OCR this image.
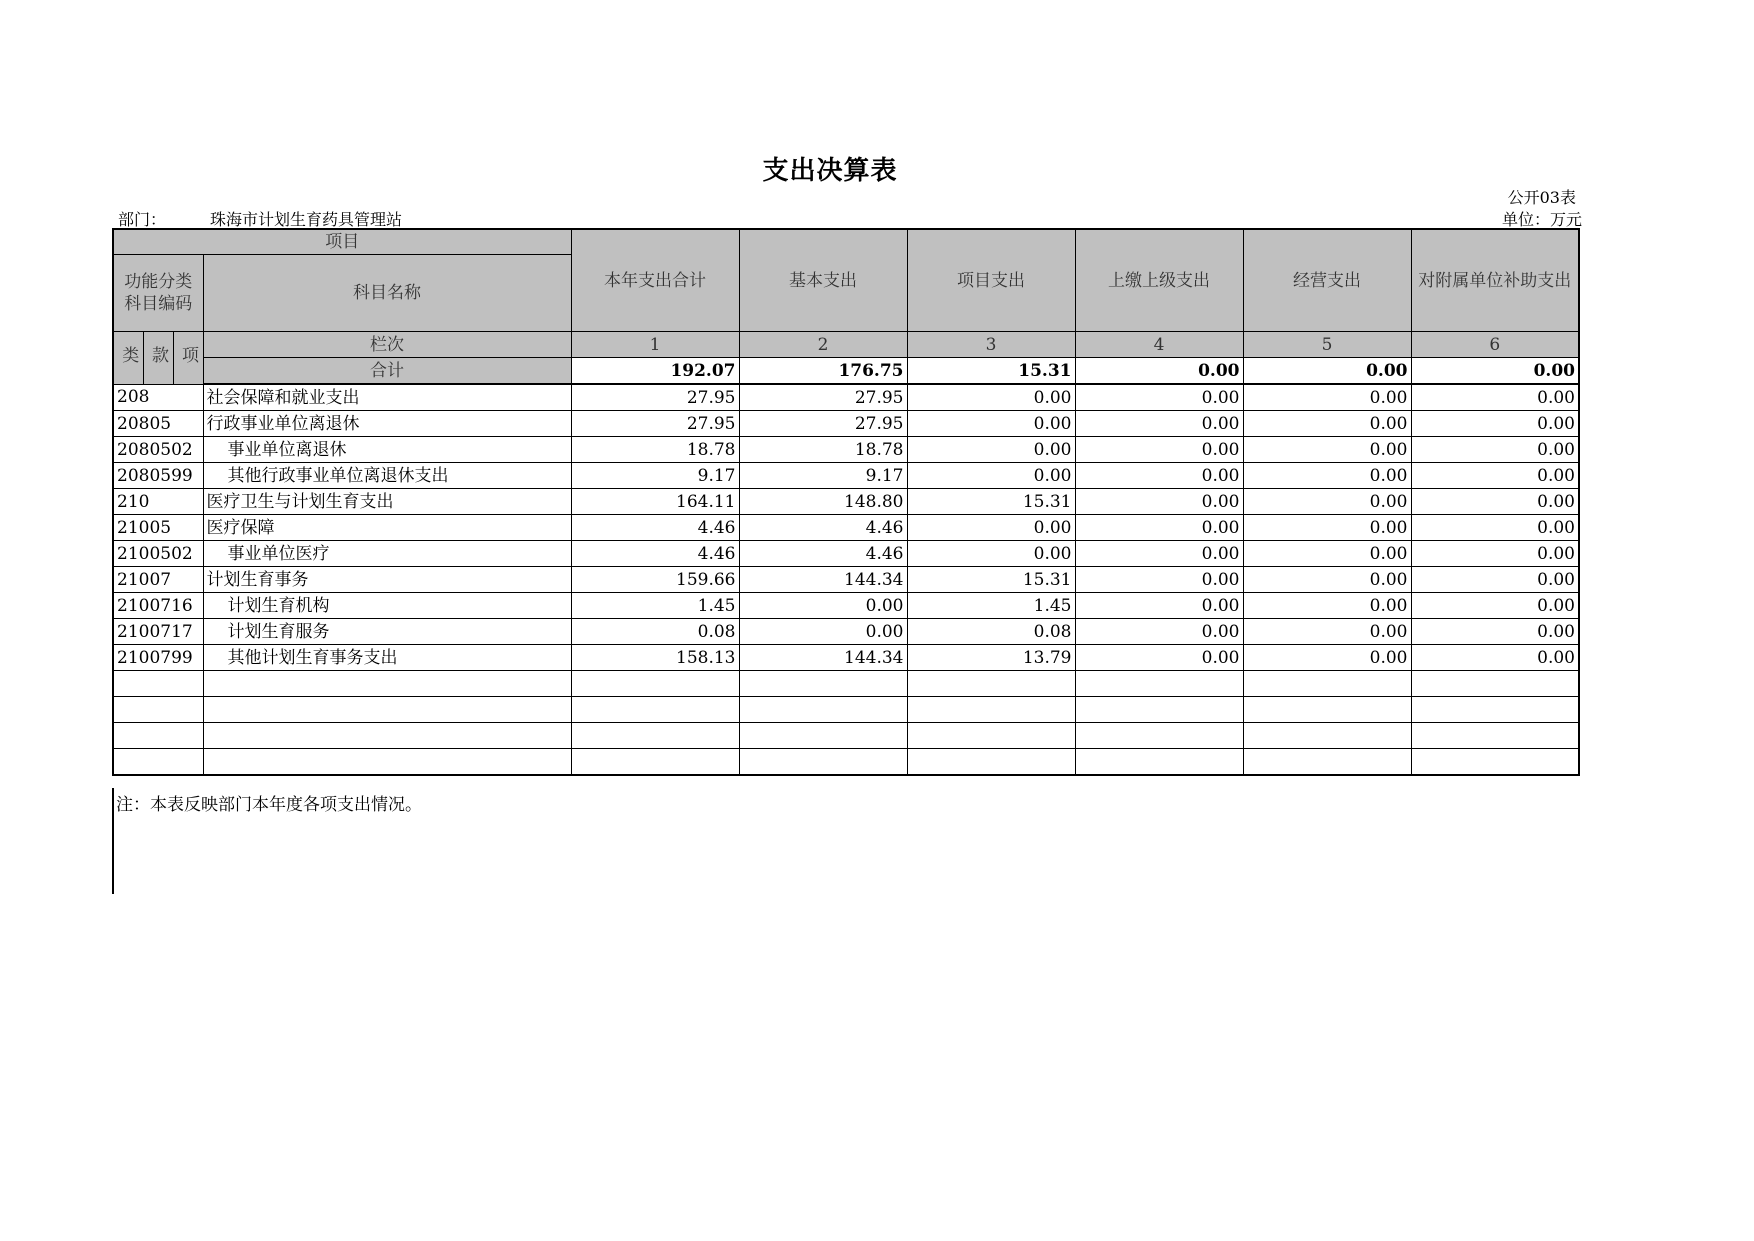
支出决算表
公开03表
部门：	珠海市计划生育药具管理站	单位：万元
项目				本年支出合计	基本支出	项目支出	上缴上级支出	经营支出	对附属单位补助支出
功能分类科目编码			科目名称						
类	款	项	栏次	1	2	3	4	5	6
			合计	192.07	176.75	15.31	0.00	0.00	0.00
208			社会保障和就业支出	27.95	27.95	0.00	0.00	0.00	0.00
20805			行政事业单位离退休	27.95	27.95	0.00	0.00	0.00	0.00
2080502			事业单位离退休	18.78	18.78	0.00	0.00	0.00	0.00
2080599			其他行政事业单位离退休支出	9.17	9.17	0.00	0.00	0.00	0.00
210			医疗卫生与计划生育支出	164.11	148.80	15.31	0.00	0.00	0.00
21005			医疗保障	4.46	4.46	0.00	0.00	0.00	0.00
2100502			事业单位医疗	4.46	4.46	0.00	0.00	0.00	0.00
21007			计划生育事务	159.66	144.34	15.31	0.00	0.00	0.00
2100716			计划生育机构	1.45	0.00	1.45	0.00	0.00	0.00
2100717			计划生育服务	0.08	0.00	0.08	0.00	0.00	0.00
2100799			其他计划生育事务支出	158.13	144.34	13.79	0.00	0.00	0.00

注：本表反映部门本年度各项支出情况。
